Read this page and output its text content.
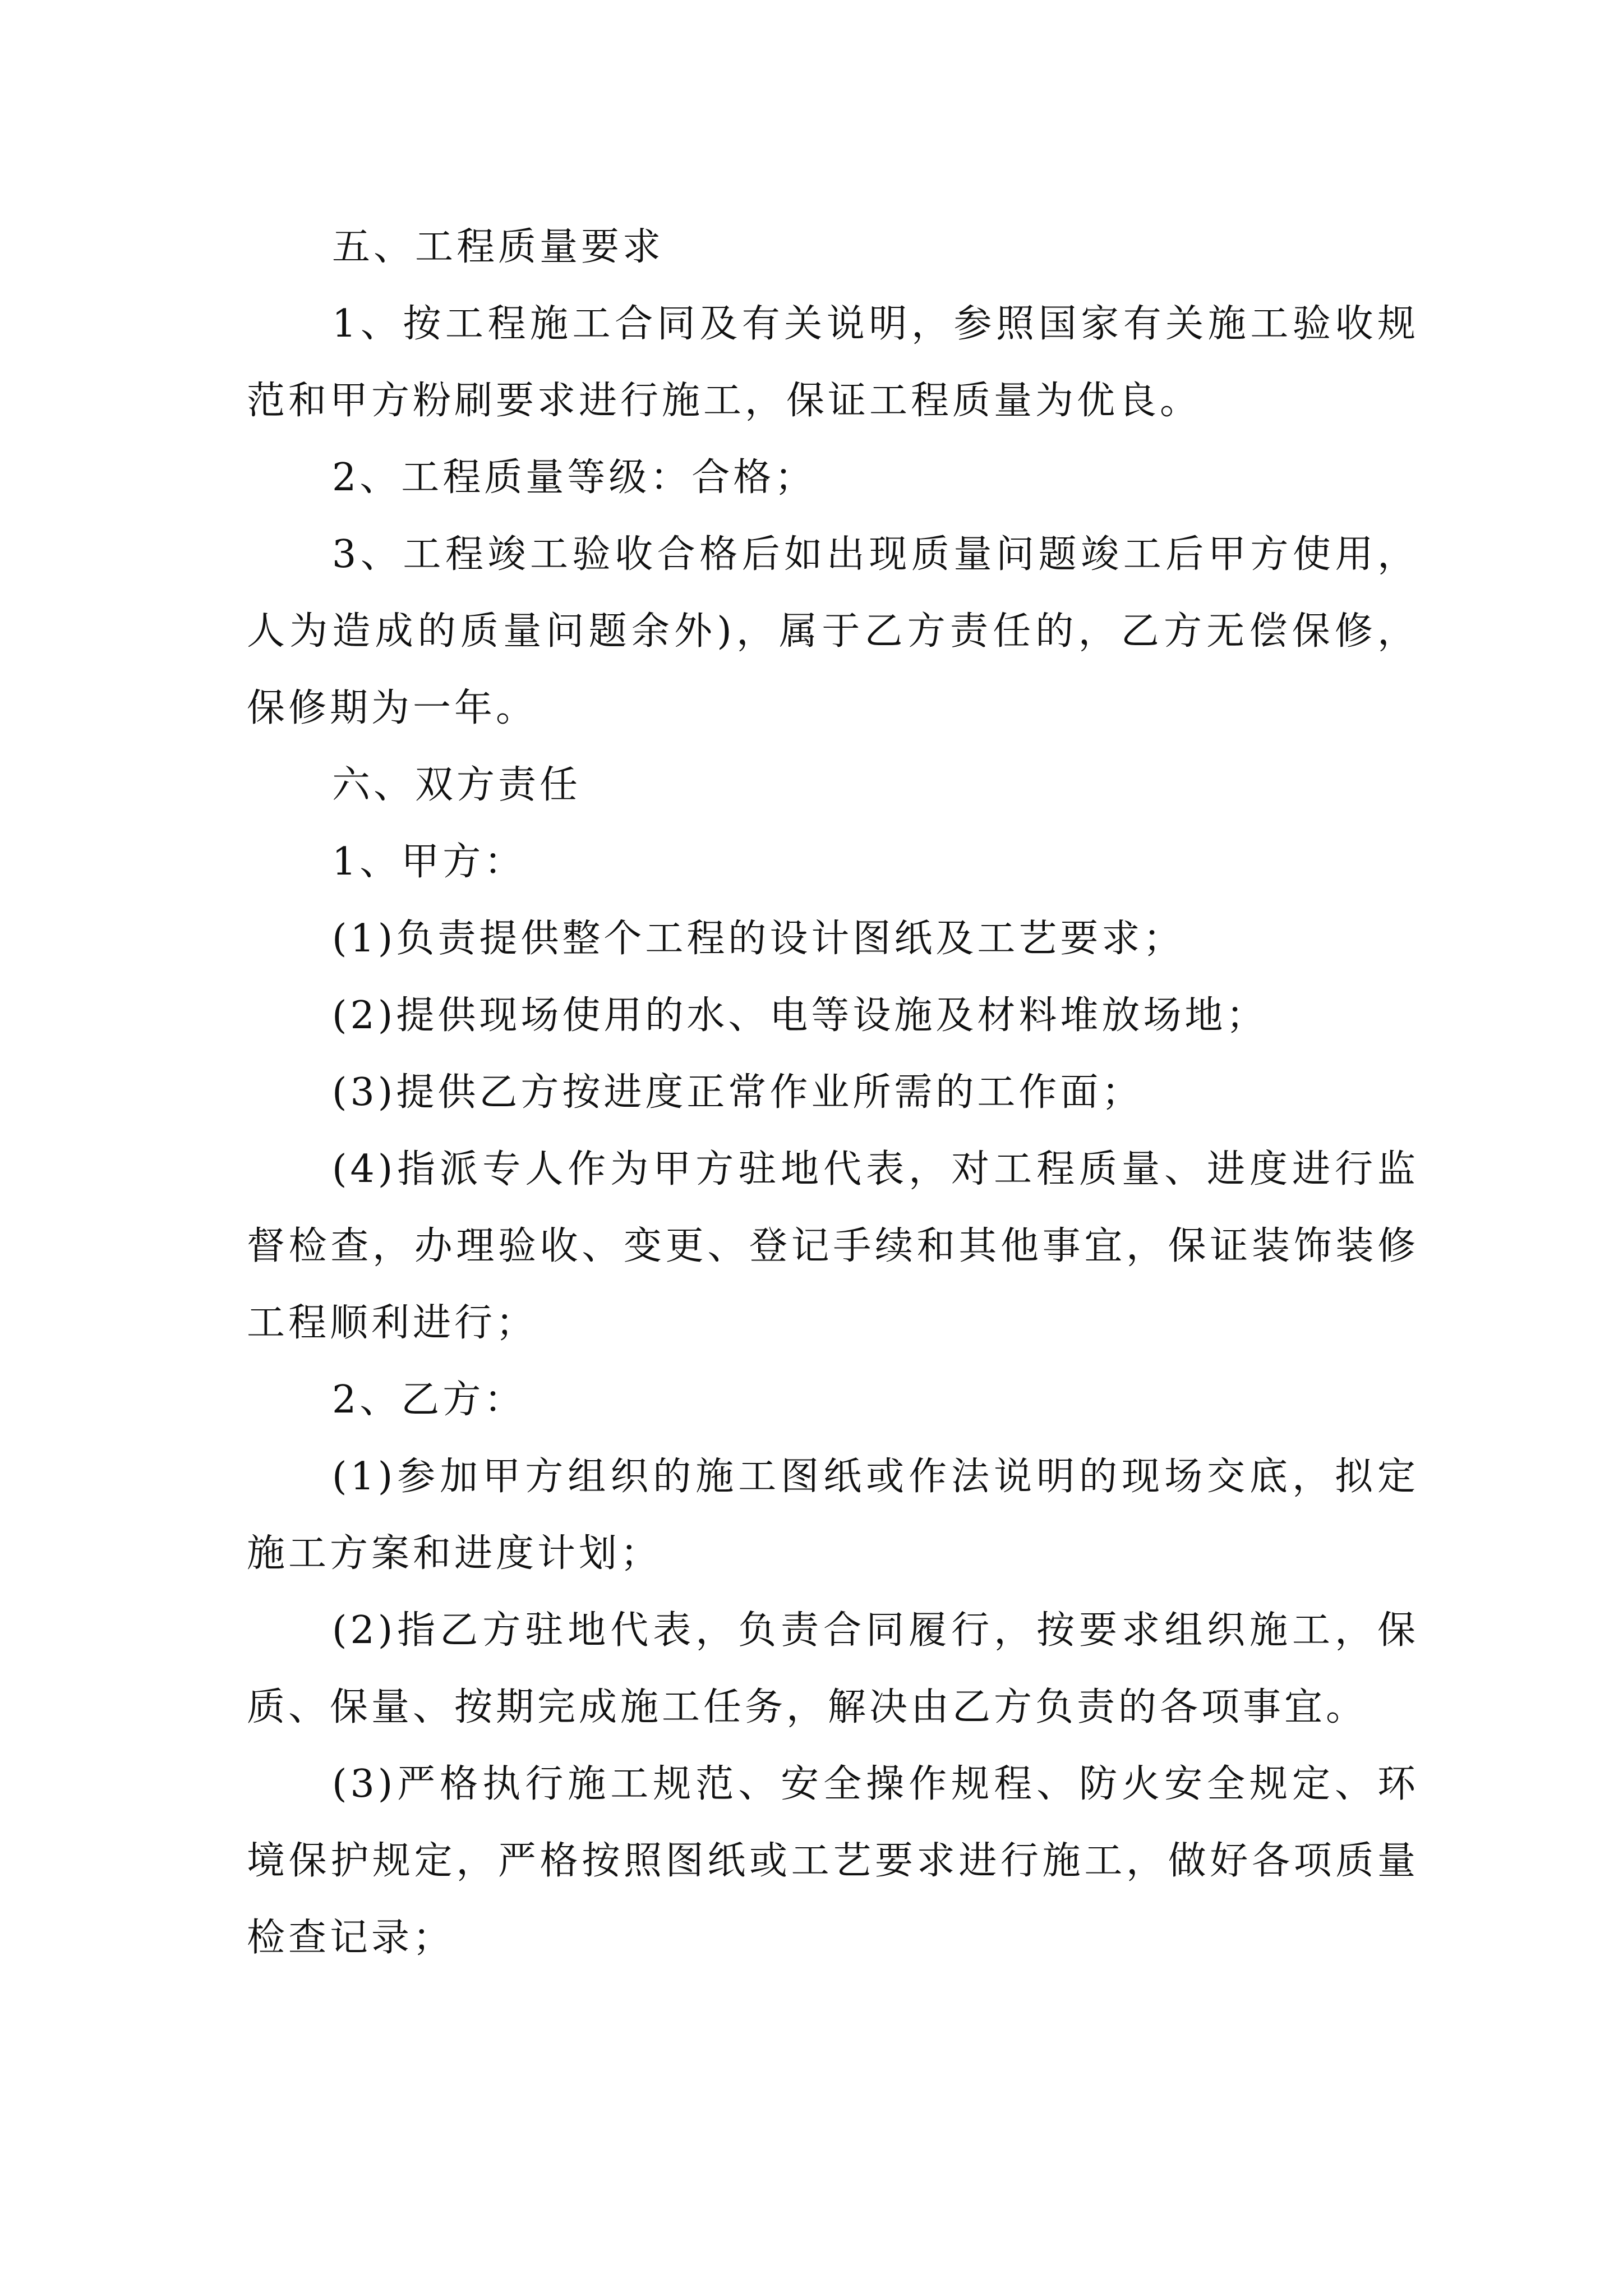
五、工程质量要求

1、按工程施工合同及有关说明，参照国家有关施工验收规范和甲方粉刷要求进行施工，保证工程质量为优良。

2、工程质量等级：合格；

3、工程竣工验收合格后如出现质量问题竣工后甲方使用，人为造成的质量问题余外)，属于乙方责任的，乙方无偿保修，保修期为一年。

六、双方责任

1、甲方：

(1)负责提供整个工程的设计图纸及工艺要求；

(2)提供现场使用的水、电等设施及材料堆放场地；

(3)提供乙方按进度正常作业所需的工作面；

(4)指派专人作为甲方驻地代表，对工程质量、进度进行监督检查，办理验收、变更、登记手续和其他事宜，保证装饰装修工程顺利进行；

2、乙方：

(1)参加甲方组织的施工图纸或作法说明的现场交底，拟定施工方案和进度计划；

(2)指乙方驻地代表，负责合同履行，按要求组织施工，保质、保量、按期完成施工任务，解决由乙方负责的各项事宜。

(3)严格执行施工规范、安全操作规程、防火安全规定、环境保护规定，严格按照图纸或工艺要求进行施工，做好各项质量检查记录；
